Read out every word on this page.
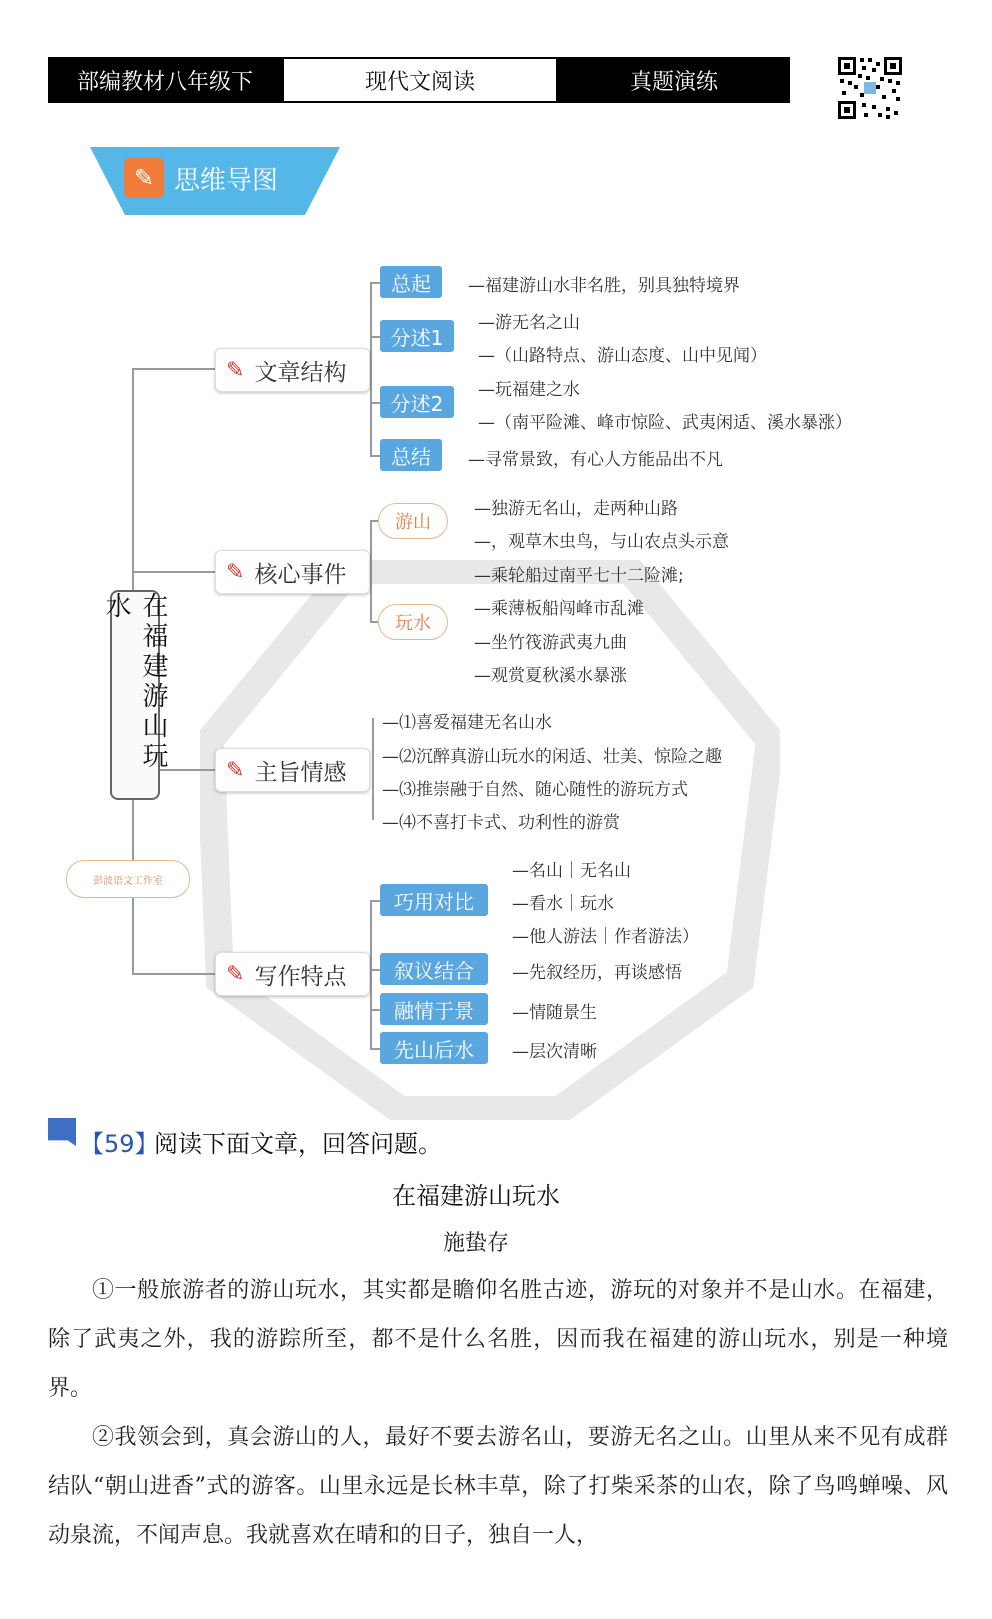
部编教材八年级下	现代文阅读	真题演练
✎ 思维导图
在福建游山玩水
彭波语文工作室
✎ 文章结构
总起 —福建游山水非名胜，别具独特境界
分述1
—游无名之山
—（山路特点、游山态度、山中见闻）
分述2
—玩福建之水
—（南平险滩、峰市惊险、武夷闲适、溪水暴涨）
总结 —寻常景致，有心人方能品出不凡
✎ 核心事件
游山
—独游无名山，走两种山路
—，观草木虫鸟，与山农点头示意
玩水
—乘轮船过南平七十二险滩;
—乘薄板船闯峰市乱滩
—坐竹筏游武夷九曲
—观赏夏秋溪水暴涨
✎ 主旨情感
—⑴喜爱福建无名山水
—⑵沉醉真游山玩水的闲适、壮美、惊险之趣
—⑶推崇融于自然、随心随性的游玩方式
—⑷不喜打卡式、功利性的游赏
✎ 写作特点
巧用对比
—名山｜无名山
—看水｜玩水
—他人游法｜作者游法）
叙议结合 —先叙经历，再谈感悟
融情于景 —情随景生
先山后水 —层次清晰
【59】
阅读下面文章，回答问题。
在福建游山玩水
施蛰存
①一般旅游者的游山玩水，其实都是瞻仰名胜古迹，游玩的对象并不是山水。在福建，除了武夷之外，我的游踪所至，都不是什么名胜，因而我在福建的游山玩水，别是一种境界。
②我领会到，真会游山的人，最好不要去游名山，要游无名之山。山里从来不见有成群结队“朝山进香”式的游客。山里永远是长林丰草，除了打柴采茶的山农，除了鸟鸣蝉噪、风动泉流，不闻声息。我就喜欢在晴和的日子，独自一人，
